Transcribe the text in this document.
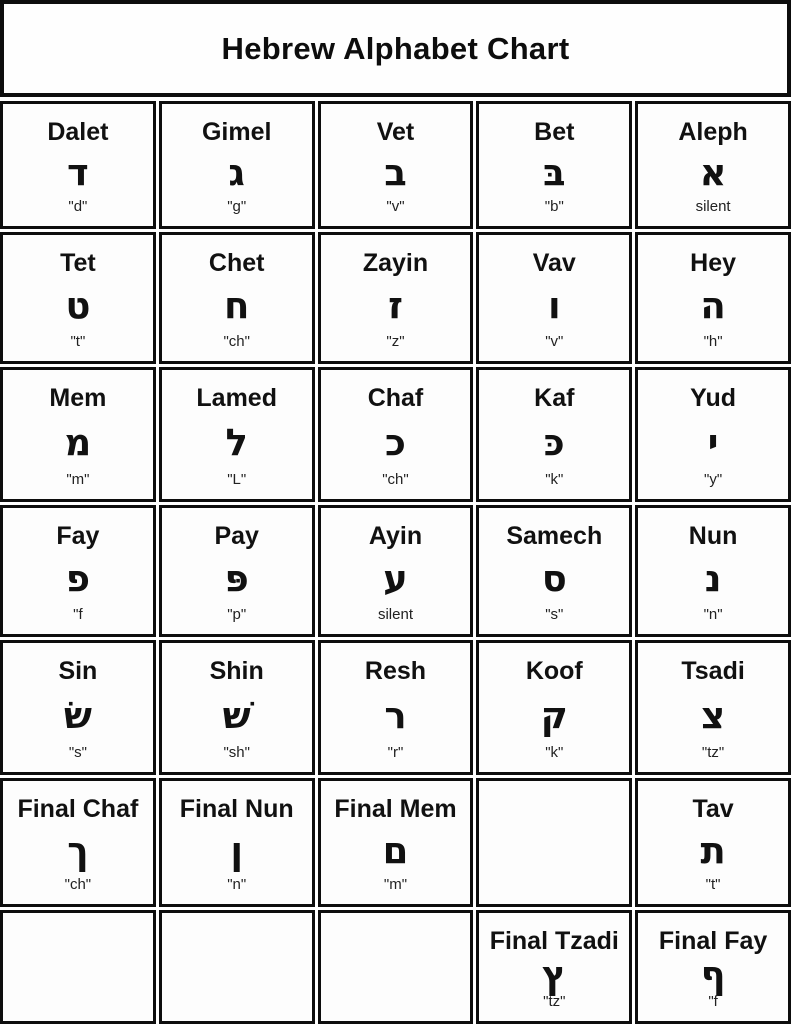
Hebrew Alphabet Chart
Dalet
ד
"d"
Gimel
ג
"g"
Vet
ב
"v"
Bet
בּ
"b"
Aleph
א
silent
Tet
ט
"t"
Chet
ח
"ch"
Zayin
ז
"z"
Vav
ו
"v"
Hey
ה
"h"
Mem
מ
"m"
Lamed
ל
"L"
Chaf
כ
"ch"
Kaf
כּ
"k"
Yud
י
"y"
Fay
פ
"f
Pay
פּ
"p"
Ayin
ע
silent
Samech
ס
"s"
Nun
נ
"n"
Sin
שׂ
"s"
Shin
שׁ
"sh"
Resh
ר
"r"
Koof
ק
"k"
Tsadi
צ
"tz"
Final Chaf
ך
"ch"
Final Nun
ן
"n"
Final Mem
ם
"m"
Tav
ת
"t"
Final Tzadi
ץ
"tz"
Final Fay
ף
"f
